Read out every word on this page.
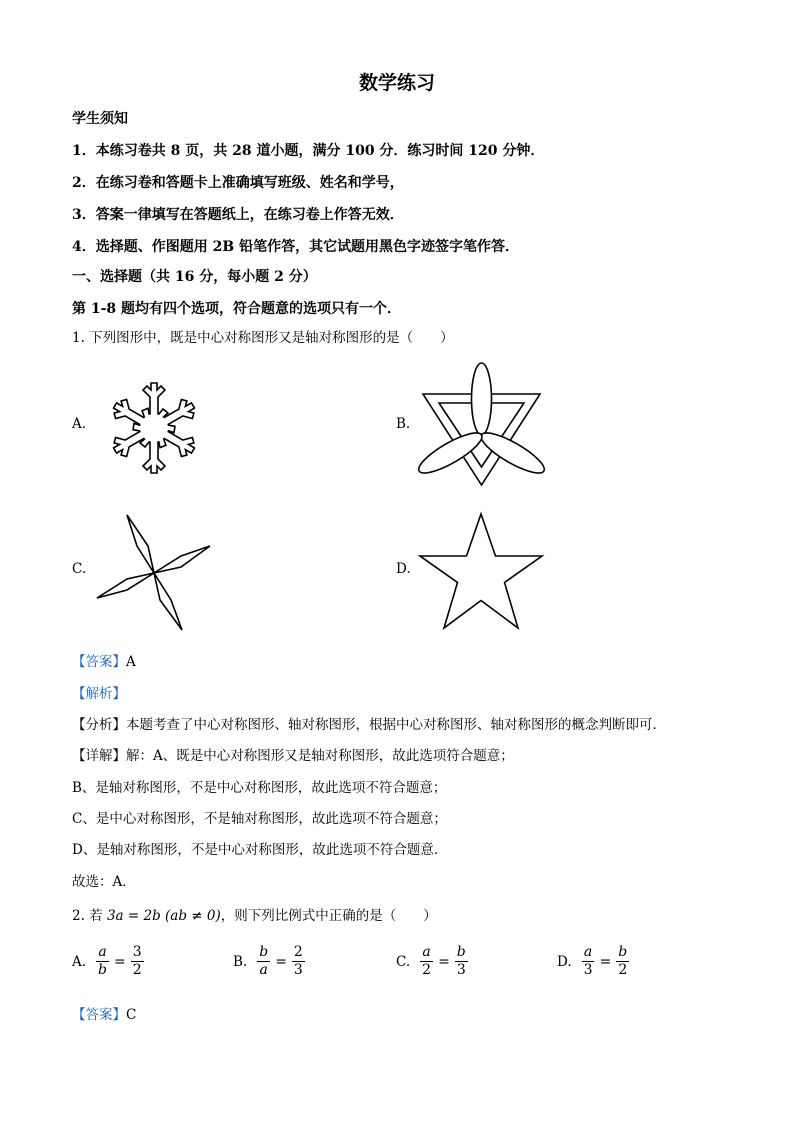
数学练习
学生须知
1．本练习卷共 8 页，共 28 道小题，满分 100 分．练习时间 120 分钟．
2．在练习卷和答题卡上准确填写班级、姓名和学号，
3．答案一律填写在答题纸上，在练习卷上作答无效．
4．选择题、作图题用 2B 铅笔作答，其它试题用黑色字迹签字笔作答．
一、选择题（共 16 分，每小题 2 分）
第 1-8 题均有四个选项，符合题意的选项只有一个．
1. 下列图形中，既是中心对称图形又是轴对称图形的是（　　）
A.	B.
C.	D.
【答案】A
【解析】
【分析】本题考查了中心对称图形、轴对称图形，根据中心对称图形、轴对称图形的概念判断即可．
【详解】解：A、既是中心对称图形又是轴对称图形，故此选项符合题意；
B、是轴对称图形，不是中心对称图形，故此选项不符合题意；
C、是中心对称图形，不是轴对称图形，故此选项不符合题意；
D、是轴对称图形，不是中心对称图形，故此选项不符合题意．
故选：A．
2. 若 3a = 2b (ab ≠ 0)，则下列比例式中正确的是（　　）
A. $\frac{a}{b} = \frac{3}{2}$	B. $\frac{b}{a} = \frac{2}{3}$	C. $\frac{a}{2} = \frac{b}{3}$	D. $\frac{a}{3} = \frac{b}{2}$
【答案】C
